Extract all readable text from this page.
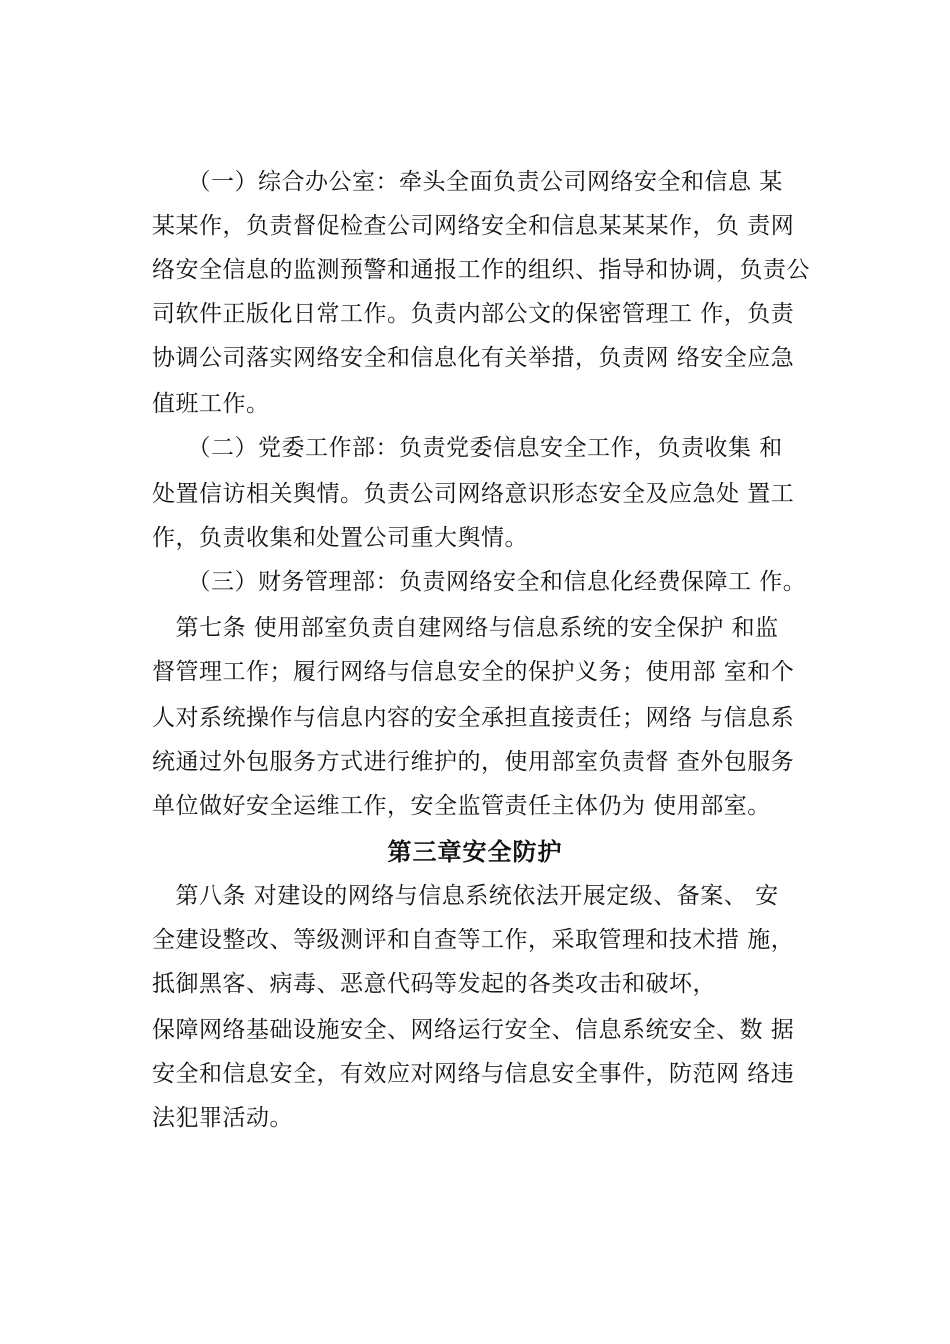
　　（一）综合办公室：牵头全面负责公司网络安全和信息 某
某某作，负责督促检查公司网络安全和信息某某某作，负 责网
络安全信息的监测预警和通报工作的组织、指导和协调，负责公
司软件正版化日常工作。负责内部公文的保密管理工 作，负责
协调公司落实网络安全和信息化有关举措，负责网 络安全应急
值班工作。
　　（二）党委工作部：负责党委信息安全工作，负责收集 和
处置信访相关舆情。负责公司网络意识形态安全及应急处 置工
作，负责收集和处置公司重大舆情。
　　（三）财务管理部：负责网络安全和信息化经费保障工 作。
　第七条 使用部室负责自建网络与信息系统的安全保护 和监
督管理工作；履行网络与信息安全的保护义务；使用部 室和个
人对系统操作与信息内容的安全承担直接责任；网络 与信息系
统通过外包服务方式进行维护的，使用部室负责督 查外包服务
单位做好安全运维工作，安全监管责任主体仍为 使用部室。
第三章安全防护
　第八条 对建设的网络与信息系统依法开展定级、备案、 安
全建设整改、等级测评和自查等工作，采取管理和技术措 施，
抵御黑客、病毒、恶意代码等发起的各类攻击和破坏，
保障网络基础设施安全、网络运行安全、信息系统安全、数 据
安全和信息安全，有效应对网络与信息安全事件，防范网 络违
法犯罪活动。
